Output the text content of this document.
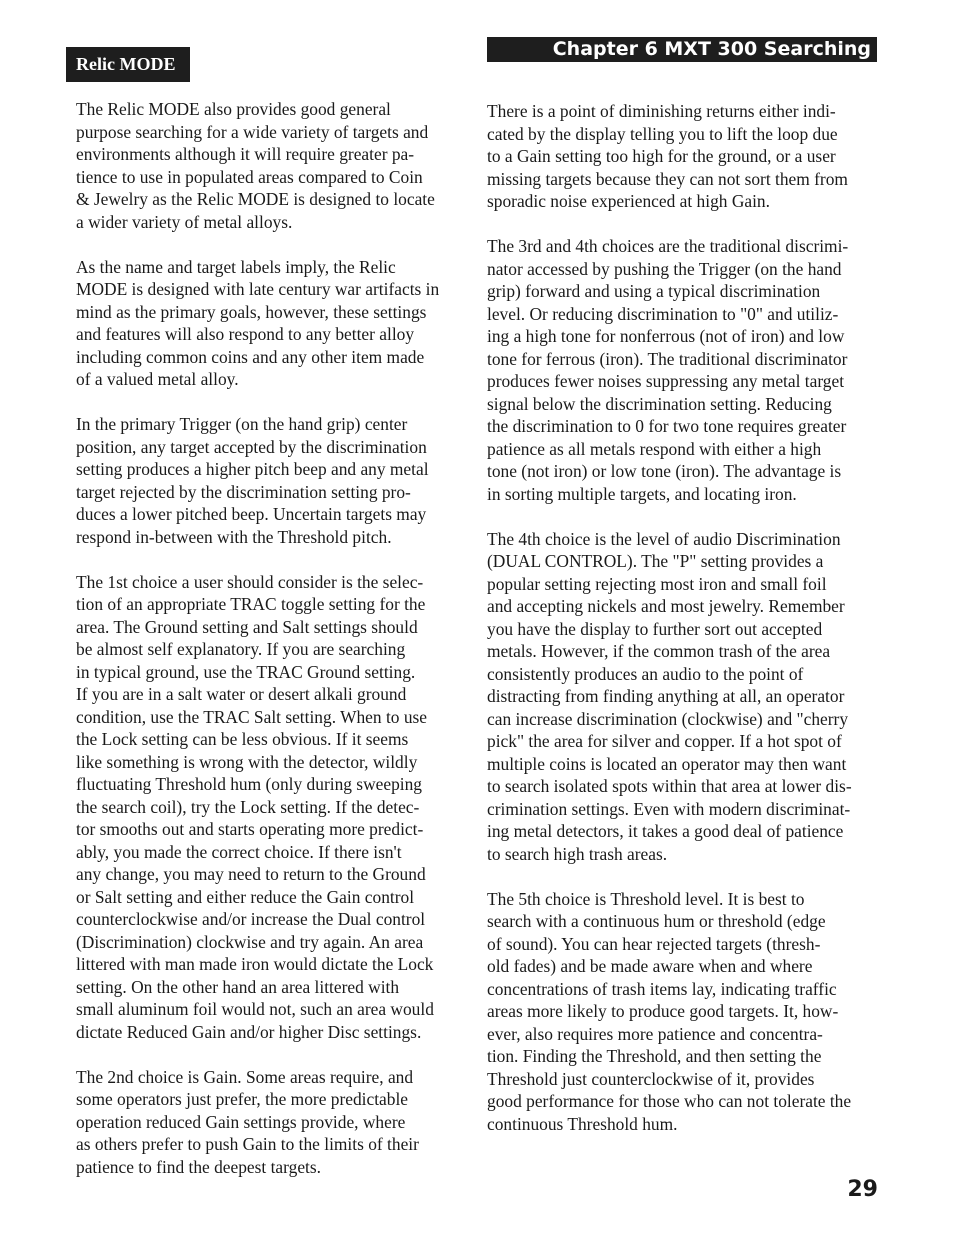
Relic MODE
Chapter 6 MXT 300 Searching
The Relic MODE also provides good general
purpose searching for a wide variety of targets and
environments although it will require greater pa-
tience to use in populated areas compared to Coin
& Jewelry as the Relic MODE is designed to locate
a wider variety of metal alloys.
As the name and target labels imply, the Relic
MODE is designed with late century war artifacts in
mind as the primary goals, however, these settings
and features will also respond to any better alloy
including common coins and any other item made
of a valued metal alloy.
In the primary Trigger (on the hand grip) center
position, any target accepted by the discrimination
setting produces a higher pitch beep and any metal
target rejected by the discrimination setting pro-
duces a lower pitched beep. Uncertain targets may
respond in-between with the Threshold pitch.
The 1st choice a user should consider is the selec-
tion of an appropriate TRAC toggle setting for the
area. The Ground setting and Salt settings should
be almost self explanatory. If you are searching
in typical ground, use the TRAC Ground setting.
If you are in a salt water or desert alkali ground
condition, use the TRAC Salt setting. When to use
the Lock setting can be less obvious. If it seems
like something is wrong with the detector, wildly
fluctuating Threshold hum (only during sweeping
the search coil), try the Lock setting. If the detec-
tor smooths out and starts operating more predict-
ably, you made the correct choice. If there isn't
any change, you may need to return to the Ground
or Salt setting and either reduce the Gain control
counterclockwise and/or increase the Dual control
(Discrimination) clockwise and try again. An area
littered with man made iron would dictate the Lock
setting. On the other hand an area littered with
small aluminum foil would not, such an area would
dictate Reduced Gain and/or higher Disc settings.
The 2nd choice is Gain. Some areas require, and
some operators just prefer, the more predictable
operation reduced Gain settings provide, where
as others prefer to push Gain to the limits of their
patience to find the deepest targets.
There is a point of diminishing returns either indi-
cated by the display telling you to lift the loop due
to a Gain setting too high for the ground, or a user
missing targets because they can not sort them from
sporadic noise experienced at high Gain.
The 3rd and 4th choices are the traditional discrimi-
nator accessed by pushing the Trigger (on the hand
grip) forward and using a typical discrimination
level. Or reducing discrimination to "0" and utiliz-
ing a high tone for nonferrous (not of iron) and low
tone for ferrous (iron). The traditional discriminator
produces fewer noises suppressing any metal target
signal below the discrimination setting. Reducing
the discrimination to 0 for two tone requires greater
patience as all metals respond with either a high
tone (not iron) or low tone (iron). The advantage is
in sorting multiple targets, and locating iron.
The 4th choice is the level of audio Discrimination
(DUAL CONTROL). The "P" setting provides a
popular setting rejecting most iron and small foil
and accepting nickels and most jewelry. Remember
you have the display to further sort out accepted
metals. However, if the common trash of the area
consistently produces an audio to the point of
distracting from finding anything at all, an operator
can increase discrimination (clockwise) and "cherry
pick" the area for silver and copper. If a hot spot of
multiple coins is located an operator may then want
to search isolated spots within that area at lower dis-
crimination settings. Even with modern discriminat-
ing metal detectors, it takes a good deal of patience
to search high trash areas.
The 5th choice is Threshold level. It is best to
search with a continuous hum or threshold (edge
of sound). You can hear rejected targets (thresh-
old fades) and be made aware when and where
concentrations of trash items lay, indicating traffic
areas more likely to produce good targets. It, how-
ever, also requires more patience and concentra-
tion. Finding the Threshold, and then setting the
Threshold just counterclockwise of it, provides
good performance for those who can not tolerate the
continuous Threshold hum.
29
